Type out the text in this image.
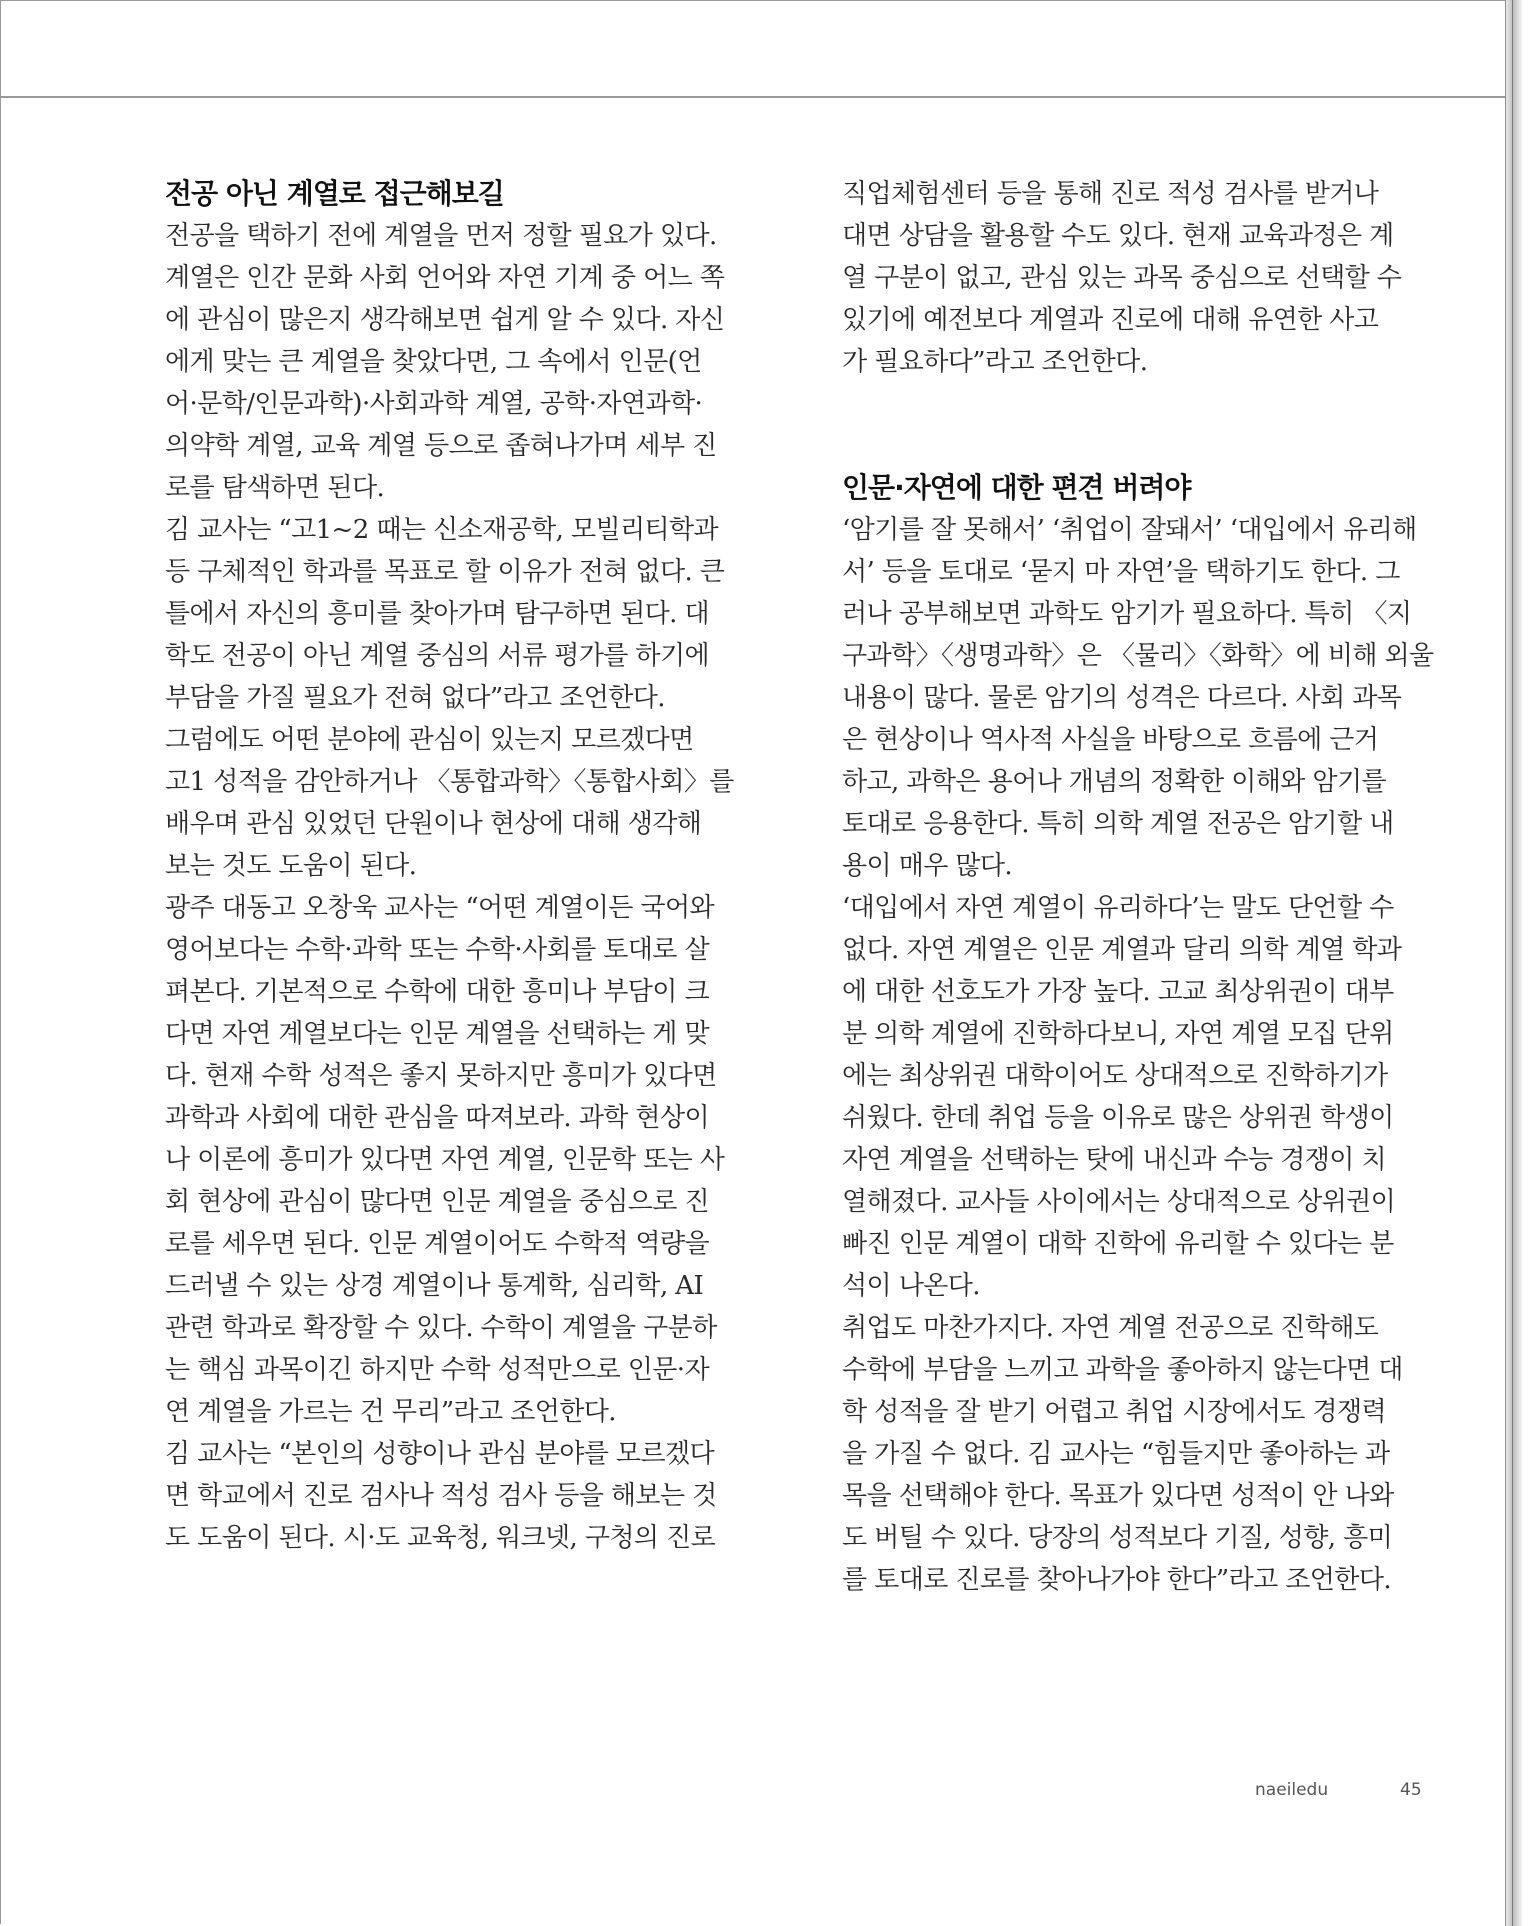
전공 아닌 계열로 접근해보길

전공을 택하기 전에 계열을 먼저 정할 필요가 있다.

계열은 인간 문화 사회 언어와 자연 기계 중 어느 쪽

에 관심이 많은지 생각해보면 쉽게 알 수 있다. 자신

에게 맞는 큰 계열을 찾았다면, 그 속에서 인문(언

어·문학/인문과학)·사회과학 계열, 공학·자연과학·

의약학 계열, 교육 계열 등으로 좁혀나가며 세부 진

로를 탐색하면 된다.

김 교사는 “고1~2 때는 신소재공학, 모빌리티학과

등 구체적인 학과를 목표로 할 이유가 전혀 없다. 큰

틀에서 자신의 흥미를 찾아가며 탐구하면 된다. 대

학도 전공이 아닌 계열 중심의 서류 평가를 하기에

부담을 가질 필요가 전혀 없다”라고 조언한다.

그럼에도 어떤 분야에 관심이 있는지 모르겠다면

고1 성적을 감안하거나 〈통합과학〉〈통합사회〉를

배우며 관심 있었던 단원이나 현상에 대해 생각해

보는 것도 도움이 된다.

광주 대동고 오창욱 교사는 “어떤 계열이든 국어와

영어보다는 수학·과학 또는 수학·사회를 토대로 살

펴본다. 기본적으로 수학에 대한 흥미나 부담이 크

다면 자연 계열보다는 인문 계열을 선택하는 게 맞

다. 현재 수학 성적은 좋지 못하지만 흥미가 있다면

과학과 사회에 대한 관심을 따져보라. 과학 현상이

나 이론에 흥미가 있다면 자연 계열, 인문학 또는 사

회 현상에 관심이 많다면 인문 계열을 중심으로 진

로를 세우면 된다. 인문 계열이어도 수학적 역량을

드러낼 수 있는 상경 계열이나 통계학, 심리학, AI

관련 학과로 확장할 수 있다. 수학이 계열을 구분하

는 핵심 과목이긴 하지만 수학 성적만으로 인문·자

연 계열을 가르는 건 무리”라고 조언한다.

김 교사는 “본인의 성향이나 관심 분야를 모르겠다

면 학교에서 진로 검사나 적성 검사 등을 해보는 것

도 도움이 된다. 시·도 교육청, 워크넷, 구청의 진로

직업체험센터 등을 통해 진로 적성 검사를 받거나

대면 상담을 활용할 수도 있다. 현재 교육과정은 계

열 구분이 없고, 관심 있는 과목 중심으로 선택할 수

있기에 예전보다 계열과 진로에 대해 유연한 사고

가 필요하다”라고 조언한다.

인문·자연에 대한 편견 버려야

‘암기를 잘 못해서’ ‘취업이 잘돼서’ ‘대입에서 유리해

서’ 등을 토대로 ‘묻지 마 자연’을 택하기도 한다. 그

러나 공부해보면 과학도 암기가 필요하다. 특히 〈지

구과학〉〈생명과학〉은 〈물리〉〈화학〉에 비해 외울

내용이 많다. 물론 암기의 성격은 다르다. 사회 과목

은 현상이나 역사적 사실을 바탕으로 흐름에 근거

하고, 과학은 용어나 개념의 정확한 이해와 암기를

토대로 응용한다. 특히 의학 계열 전공은 암기할 내

용이 매우 많다.

‘대입에서 자연 계열이 유리하다’는 말도 단언할 수

없다. 자연 계열은 인문 계열과 달리 의학 계열 학과

에 대한 선호도가 가장 높다. 고교 최상위권이 대부

분 의학 계열에 진학하다보니, 자연 계열 모집 단위

에는 최상위권 대학이어도 상대적으로 진학하기가

쉬웠다. 한데 취업 등을 이유로 많은 상위권 학생이

자연 계열을 선택하는 탓에 내신과 수능 경쟁이 치

열해졌다. 교사들 사이에서는 상대적으로 상위권이

빠진 인문 계열이 대학 진학에 유리할 수 있다는 분

석이 나온다.

취업도 마찬가지다. 자연 계열 전공으로 진학해도

수학에 부담을 느끼고 과학을 좋아하지 않는다면 대

학 성적을 잘 받기 어렵고 취업 시장에서도 경쟁력

을 가질 수 없다. 김 교사는 “힘들지만 좋아하는 과

목을 선택해야 한다. 목표가 있다면 성적이 안 나와

도 버틸 수 있다. 당장의 성적보다 기질, 성향, 흥미

를 토대로 진로를 찾아나가야 한다”라고 조언한다.

naeiledu	45
